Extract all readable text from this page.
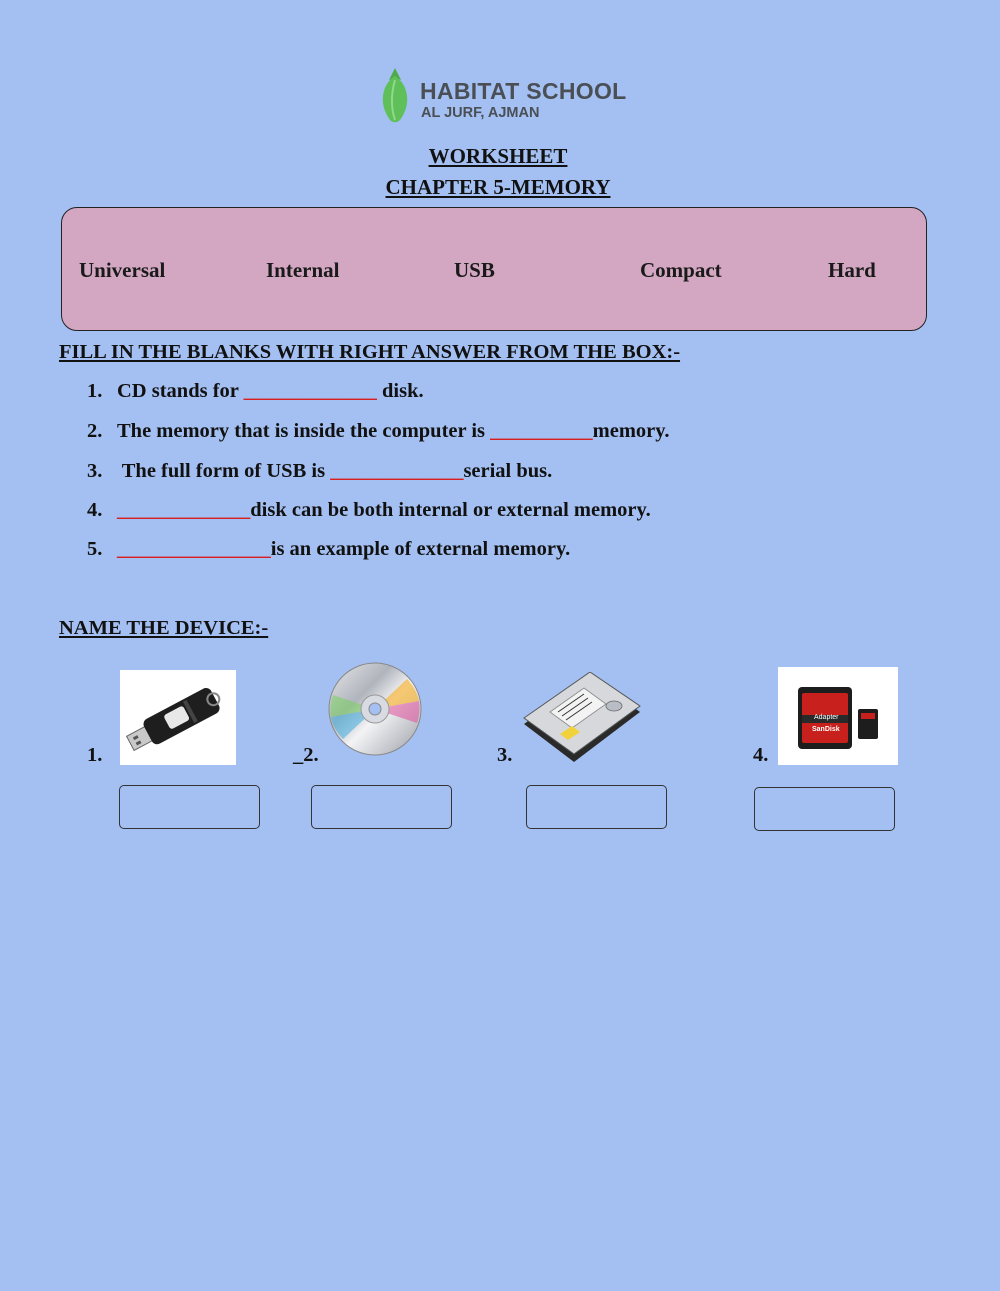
HABITAT SCHOOL
AL JURF, AJMAN
WORKSHEET
CHAPTER 5-MEMORY
Universal	Internal	USB	Compact	Hard
FILL IN THE BLANKS WITH RIGHT ANSWER FROM THE BOX:-
1. CD stands for _____________ disk.
2. The memory that is inside the computer is __________memory.
3. The full form of USB is _____________serial bus.
4. _____________disk can be both internal or external memory.
5. _______________is an example of external memory.
NAME THE DEVICE:-
1.	_2.	3.	4.
Adapter
SanDisk
